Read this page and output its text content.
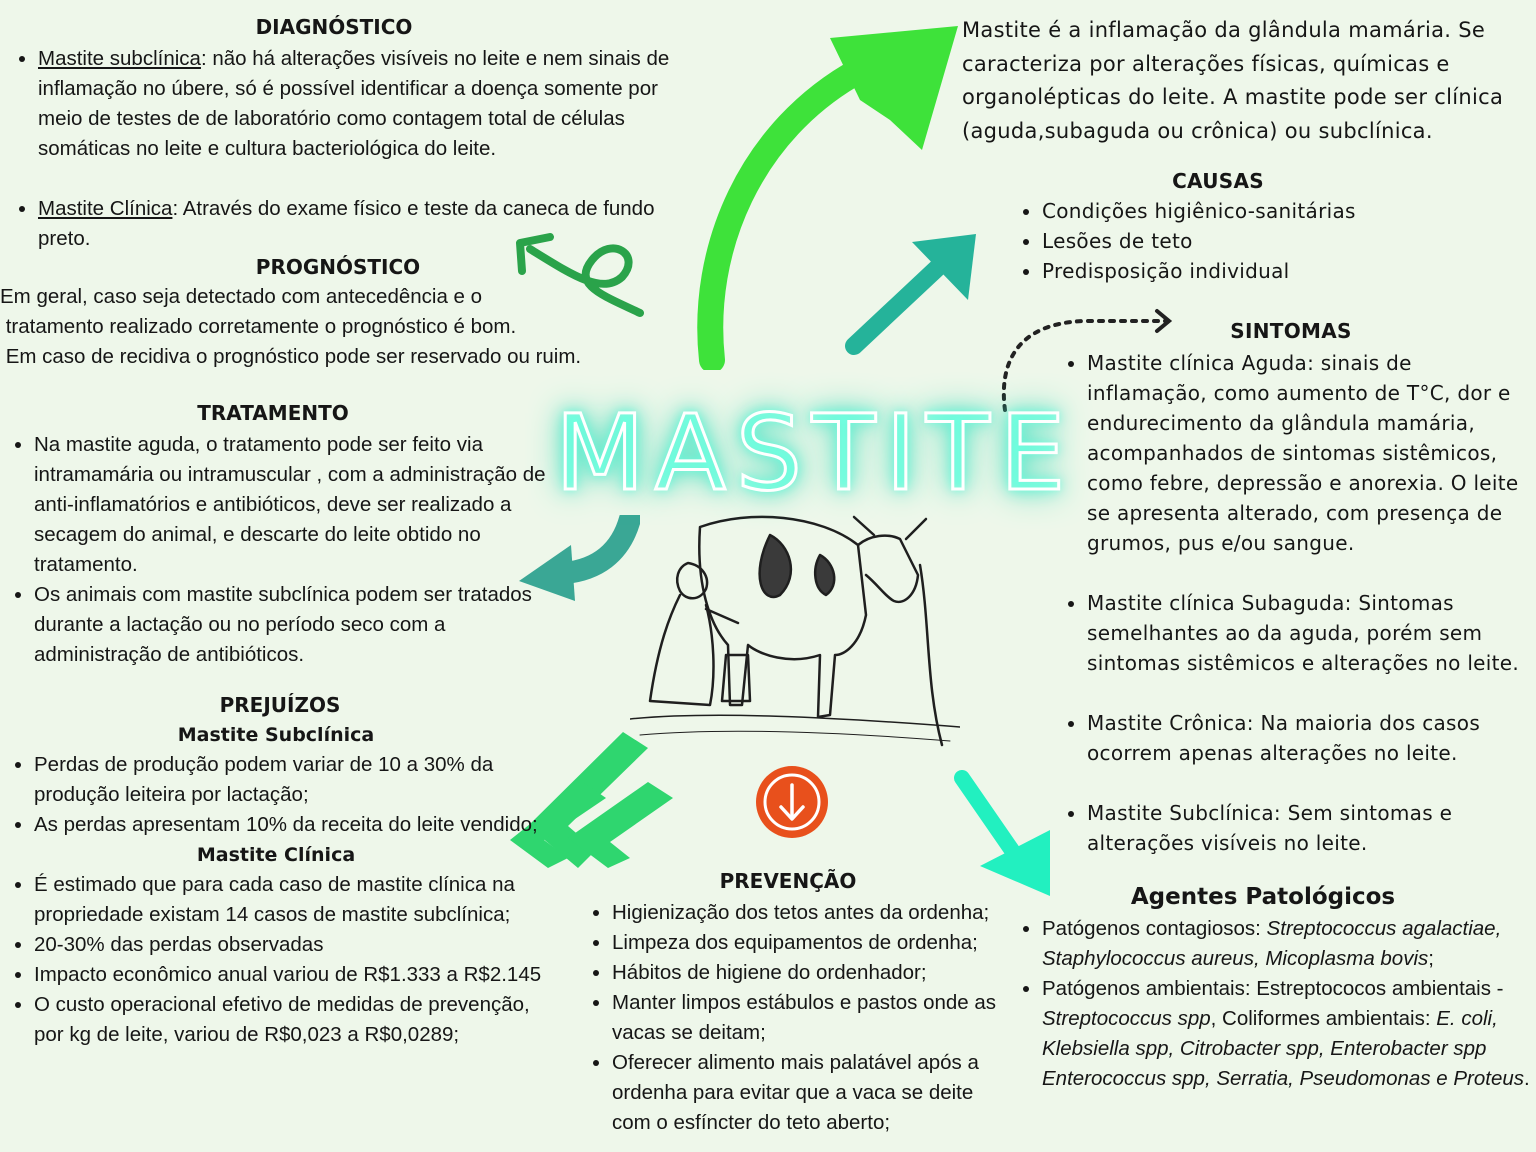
MASTITE

DIAGNÓSTICO

• Mastite subclínica: não há alterações visíveis no leite e nem sinais de inflamação no úbere, só é possível identificar a doença somente por meio de testes de de laboratório como contagem total de células somáticas no leite e cultura bacteriológica do leite.
• Mastite Clínica: Através do exame físico e teste da caneca de fundo preto.

PROGNÓSTICO

Em geral, caso seja detectado com antecedência e o
tratamento realizado corretamente o prognóstico é bom.
Em caso de recidiva o prognóstico pode ser reservado ou ruim.

TRATAMENTO

• Na mastite aguda, o tratamento pode ser feito via intramamária ou intramuscular , com a administração de anti-inflamatórios e antibióticos, deve ser realizado a secagem do animal, e descarte do leite obtido no tratamento.
• Os animais com mastite subclínica podem ser tratados durante a lactação ou no período seco com a administração de antibióticos.

PREJUÍZOS

Mastite Subclínica

• Perdas de produção podem variar de 10 a 30% da produção leiteira por lactação;
• As perdas apresentam 10% da receita do leite vendido;

Mastite Clínica

• É estimado que para cada caso de mastite clínica na propriedade existam 14 casos de mastite subclínica;
• 20-30% das perdas observadas
• Impacto econômico anual variou de R$1.333 a R$2.145
• O custo operacional efetivo de medidas de prevenção, por kg de leite, variou de R$0,023 a R$0,0289;
Mastite é a inflamação da glândula mamária. Se caracteriza por alterações físicas, químicas e organolépticas do leite. A mastite pode ser clínica (aguda,subaguda ou crônica) ou subclínica.

CAUSAS

• Condições higiênico-sanitárias
• Lesões de teto
• Predisposição individual

SINTOMAS

• Mastite clínica Aguda: sinais de inflamação, como aumento de T°C, dor e endurecimento da glândula mamária, acompanhados de sintomas sistêmicos, como febre, depressão e anorexia. O leite se apresenta alterado, com presença de grumos, pus e/ou sangue.
• Mastite clínica Subaguda: Sintomas semelhantes ao da aguda, porém sem sintomas sistêmicos e alterações no leite.
• Mastite Crônica: Na maioria dos casos ocorrem apenas alterações no leite.
• Mastite Subclínica: Sem sintomas e alterações visíveis no leite.

PREVENÇÃO

• Higienização dos tetos antes da ordenha;
• Limpeza dos equipamentos de ordenha;
• Hábitos de higiene do ordenhador;
• Manter limpos estábulos e pastos onde as vacas se deitam;
• Oferecer alimento mais palatável após a ordenha para evitar que a vaca se deite com o esfíncter do teto aberto;

Agentes Patológicos

• Patógenos contagiosos: Streptococcus agalactiae, Staphylococcus aureus, Micoplasma bovis;
• Patógenos ambientais: Estreptococos ambientais - Streptococcus spp, Coliformes ambientais: E. coli, Klebsiella spp, Citrobacter spp, Enterobacter spp Enterococcus spp, Serratia, Pseudomonas e Proteus.
